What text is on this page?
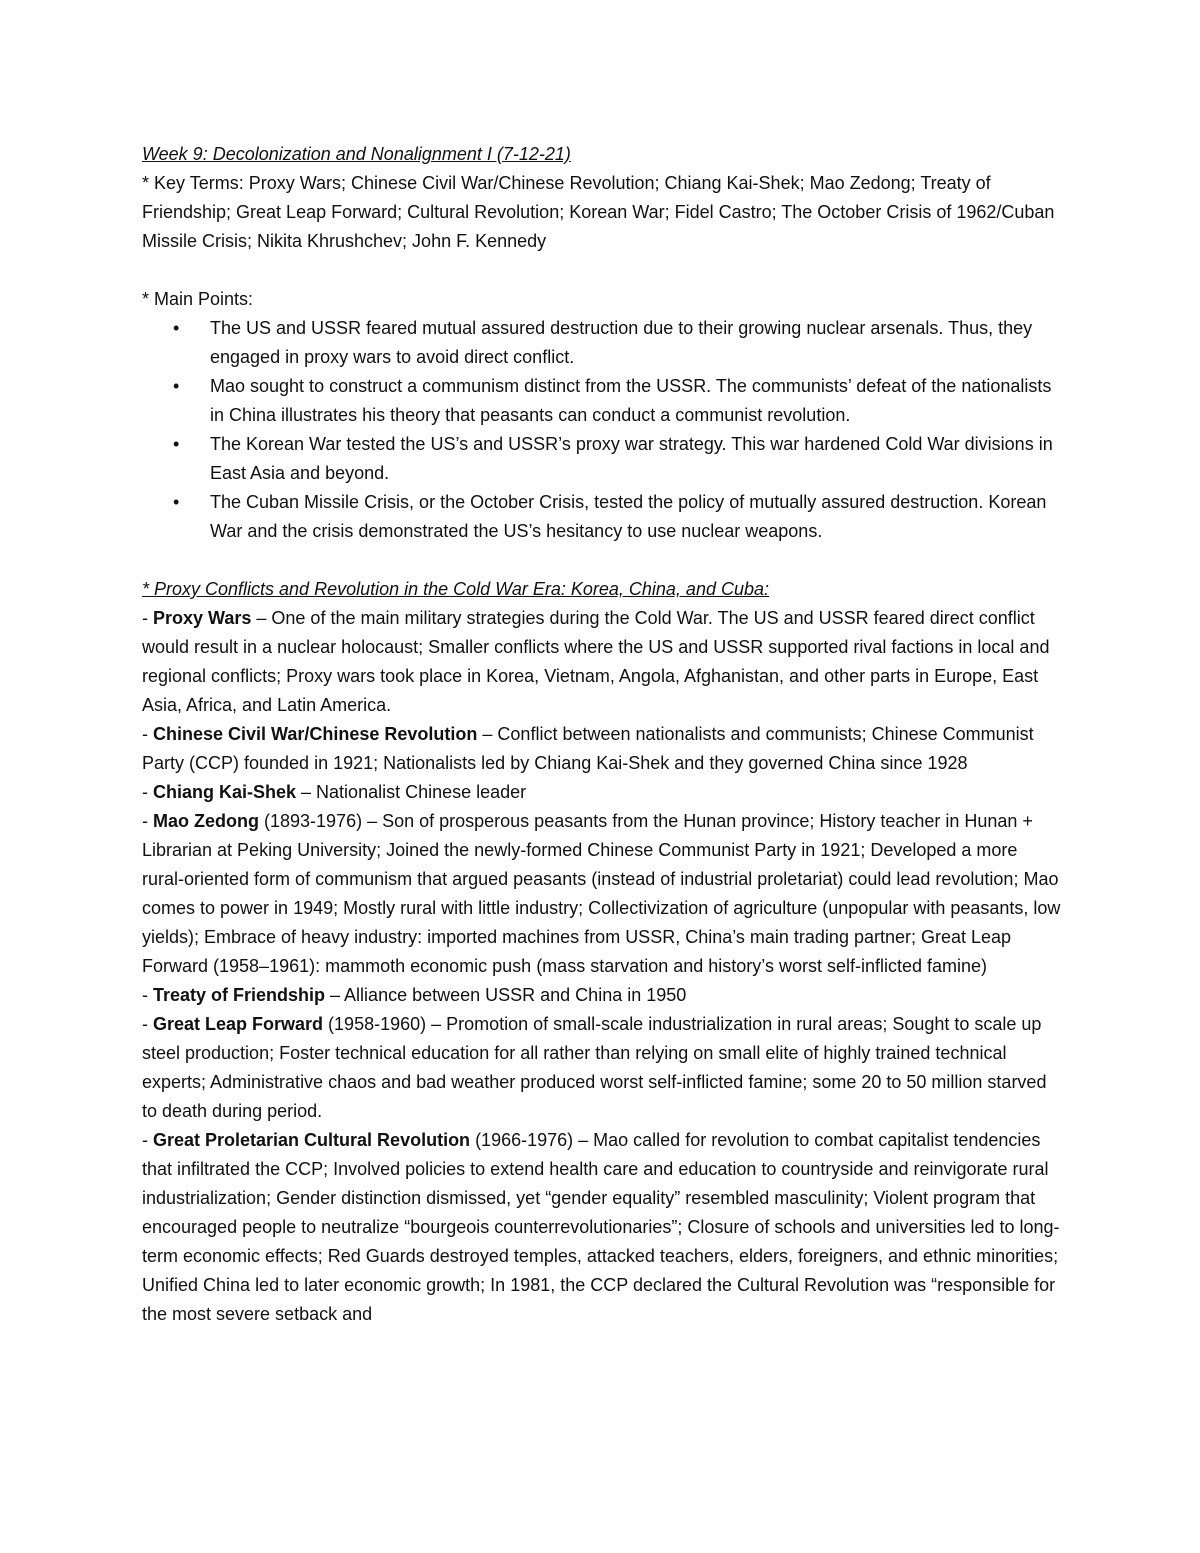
Week 9: Decolonization and Nonalignment I (7-12-21)

* Key Terms: Proxy Wars; Chinese Civil War/Chinese Revolution; Chiang Kai-Shek; Mao Zedong; Treaty of Friendship; Great Leap Forward; Cultural Revolution; Korean War; Fidel Castro; The October Crisis of 1962/Cuban Missile Crisis; Nikita Khrushchev; John F. Kennedy

* Main Points:

• The US and USSR feared mutual assured destruction due to their growing nuclear arsenals. Thus, they engaged in proxy wars to avoid direct conflict.
• Mao sought to construct a communism distinct from the USSR. The communists’ defeat of the nationalists in China illustrates his theory that peasants can conduct a communist revolution.
• The Korean War tested the US’s and USSR’s proxy war strategy. This war hardened Cold War divisions in East Asia and beyond.
• The Cuban Missile Crisis, or the October Crisis, tested the policy of mutually assured destruction. Korean War and the crisis demonstrated the US’s hesitancy to use nuclear weapons.

* Proxy Conflicts and Revolution in the Cold War Era: Korea, China, and Cuba:

- Proxy Wars – One of the main military strategies during the Cold War. The US and USSR feared direct conflict would result in a nuclear holocaust; Smaller conflicts where the US and USSR supported rival factions in local and regional conflicts; Proxy wars took place in Korea, Vietnam, Angola, Afghanistan, and other parts in Europe, East Asia, Africa, and Latin America.

- Chinese Civil War/Chinese Revolution – Conflict between nationalists and communists; Chinese Communist Party (CCP) founded in 1921; Nationalists led by Chiang Kai-Shek and they governed China since 1928

- Chiang Kai-Shek – Nationalist Chinese leader

- Mao Zedong (1893-1976) – Son of prosperous peasants from the Hunan province; History teacher in Hunan + Librarian at Peking University; Joined the newly-formed Chinese Communist Party in 1921; Developed a more rural-oriented form of communism that argued peasants (instead of industrial proletariat) could lead revolution; Mao comes to power in 1949; Mostly rural with little industry; Collectivization of agriculture (unpopular with peasants, low yields); Embrace of heavy industry: imported machines from USSR, China’s main trading partner; Great Leap Forward (1958–1961): mammoth economic push (mass starvation and history’s worst self-inflicted famine)

- Treaty of Friendship – Alliance between USSR and China in 1950

- Great Leap Forward (1958-1960) – Promotion of small-scale industrialization in rural areas; Sought to scale up steel production; Foster technical education for all rather than relying on small elite of highly trained technical experts; Administrative chaos and bad weather produced worst self-inflicted famine; some 20 to 50 million starved to death during period.

- Great Proletarian Cultural Revolution (1966-1976) – Mao called for revolution to combat capitalist tendencies that infiltrated the CCP; Involved policies to extend health care and education to countryside and reinvigorate rural industrialization; Gender distinction dismissed, yet “gender equality” resembled masculinity; Violent program that encouraged people to neutralize “bourgeois counterrevolutionaries”; Closure of schools and universities led to long-term economic effects; Red Guards destroyed temples, attacked teachers, elders, foreigners, and ethnic minorities; Unified China led to later economic growth; In 1981, the CCP declared the Cultural Revolution was “responsible for the most severe setback and
